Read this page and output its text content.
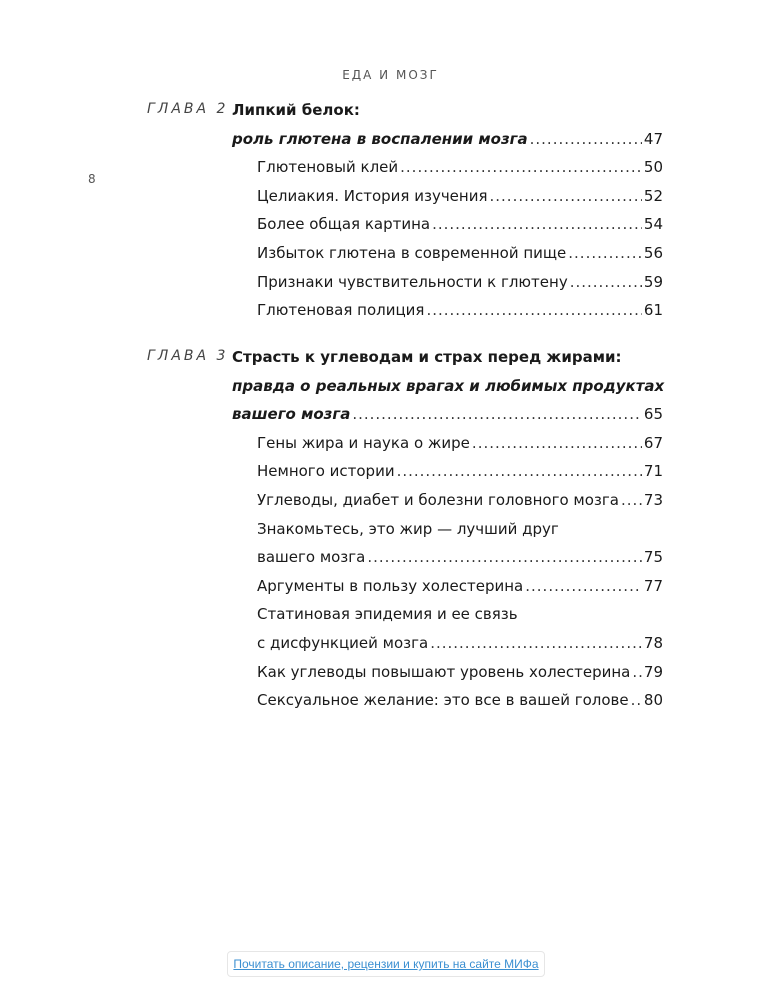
ЕДА И МОЗГ
8
ГЛАВА 2 Липкий белок:
роль глютена в воспалении мозга .....	47
Глютеновый клей .....	50
Целиакия. История изучения .....	52
Более общая картина .....	54
Избыток глютена в современной пище .....	56
Признаки чувствительности к глютену .....	59
Глютеновая полиция .....	61
ГЛАВА 3 Страсть к углеводам и страх перед жирами:
правда о реальных врагах и любимых продуктах
вашего мозга .....	65
Гены жира и наука о жире .....	67
Немного истории .....	71
Углеводы, диабет и болезни головного мозга ..... 73
Знакомьтесь, это жир — лучший друг
вашего мозга .....	75
Аргументы в пользу холестерина .....	77
Статиновая эпидемия и ее связь
с дисфункцией мозга .....	78
Как углеводы повышают уровень холестерина ..... 79
Сексуальное желание: это все в вашей голове ..... 80
Почитать описание, рецензии и купить на сайте МИФа
